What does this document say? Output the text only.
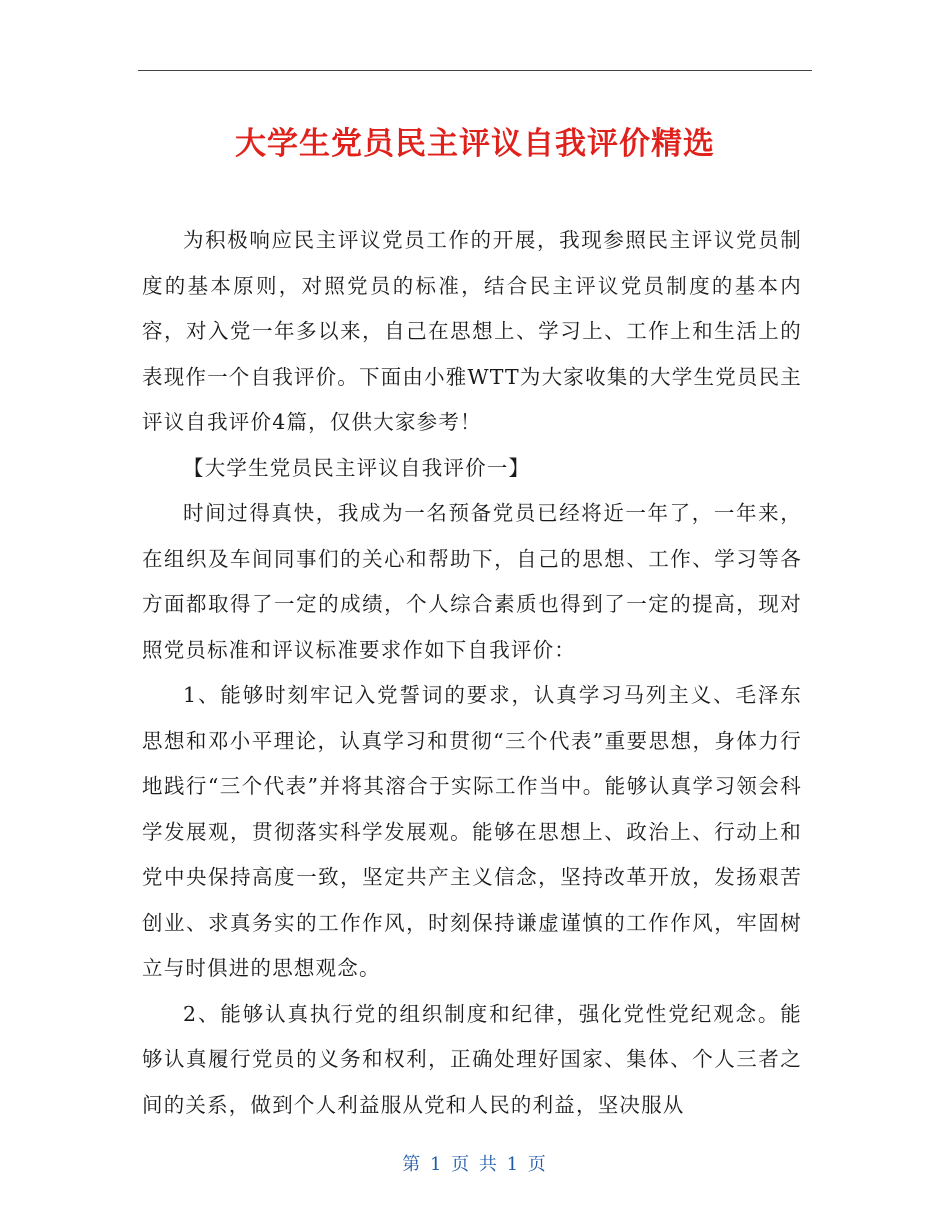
大学生党员民主评议自我评价精选

为积极响应民主评议党员工作的开展，我现参照民主评议党员制度的基本原则，对照党员的标准，结合民主评议党员制度的基本内容，对入党一年多以来，自己在思想上、学习上、工作上和生活上的表现作一个自我评价。下面由小雅WTT为大家收集的大学生党员民主评议自我评价4篇，仅供大家参考！

【大学生党员民主评议自我评价一】

时间过得真快，我成为一名预备党员已经将近一年了，一年来，在组织及车间同事们的关心和帮助下，自己的思想、工作、学习等各方面都取得了一定的成绩，个人综合素质也得到了一定的提高，现对照党员标准和评议标准要求作如下自我评价：

1、能够时刻牢记入党誓词的要求，认真学习马列主义、毛泽东思想和邓小平理论，认真学习和贯彻“三个代表”重要思想，身体力行地践行“三个代表”并将其溶合于实际工作当中。能够认真学习领会科学发展观，贯彻落实科学发展观。能够在思想上、政治上、行动上和党中央保持高度一致，坚定共产主义信念，坚持改革开放，发扬艰苦创业、求真务实的工作作风，时刻保持谦虚谨慎的工作作风，牢固树立与时俱进的思想观念。

2、能够认真执行党的组织制度和纪律，强化党性党纪观念。能够认真履行党员的义务和权利，正确处理好国家、集体、个人三者之间的关系，做到个人利益服从党和人民的利益，坚决服从

第 1 页 共 1 页
